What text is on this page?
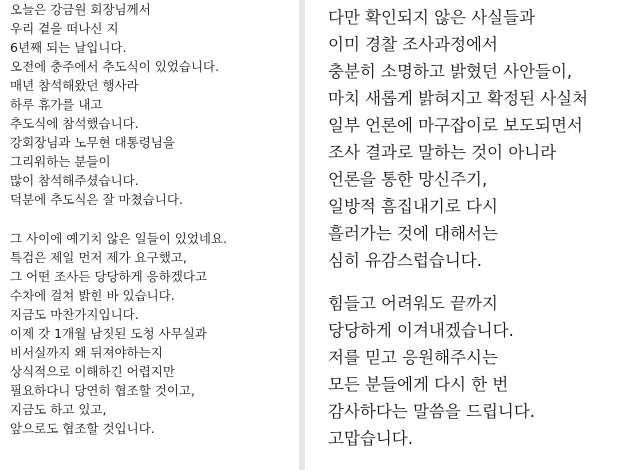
오늘은 강금원 회장님께서
우리 곁을 떠나신 지
6년째 되는 날입니다.
오전에 충주에서 추도식이 있었습니다.
매년 참석해왔던 행사라
하루 휴가를 내고
추도식에 참석했습니다.
강회장님과 노무현 대통령님을
그리워하는 분들이
많이 참석해주셨습니다.
덕분에 추도식은 잘 마쳤습니다.
그 사이에 예기치 않은 일들이 있었네요.
특검은 제일 먼저 제가 요구했고,
그 어떤 조사든 당당하게 응하겠다고
수차에 걸쳐 밝힌 바 있습니다.
지금도 마찬가지입니다.
이제 갓 1개월 남짓된 도청 사무실과
비서실까지 왜 뒤져야하는지
상식적으로 이해하긴 어렵지만
필요하다니 당연히 협조할 것이고,
지금도 하고 있고,
앞으로도 협조할 것입니다.
다만 확인되지 않은 사실들과
이미 경찰 조사과정에서
충분히 소명하고 밝혔던 사안들이,
마치 새롭게 밝혀지고 확정된 사실처
일부 언론에 마구잡이로 보도되면서
조사 결과로 말하는 것이 아니라
언론을 통한 망신주기,
일방적 흠집내기로 다시
흘러가는 것에 대해서는
심히 유감스럽습니다.
힘들고 어려워도 끝까지
당당하게 이겨내겠습니다.
저를 믿고 응원해주시는
모든 분들에게 다시 한 번
감사하다는 말씀을 드립니다.
고맙습니다.
